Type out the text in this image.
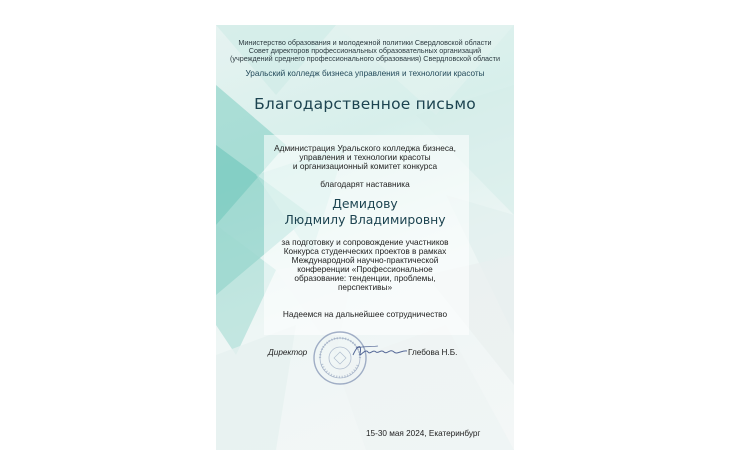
Министерство образования и молодежной политики Свердловской области
Совет директоров профессиональных образовательных организаций
(учреждений среднего профессионального образования) Свердловской области
Уральский колледж бизнеса управления и технологии красоты
Благодарственное письмо
Администрация Уральского колледжа бизнеса,
управления и технологии красоты
и организационный комитет конкурса
благодарят наставника
Демидову
Людмилу Владимировну
за подготовку и сопровождение участников
Конкурса студенческих проектов в рамках
Международной научно-практической
конференции «Профессиональное
образование: тенденции, проблемы,
перспективы»
Надеемся на дальнейшее сотрудничество
Директор	Глебова Н.Б.
15-30 мая 2024, Екатеринбург
